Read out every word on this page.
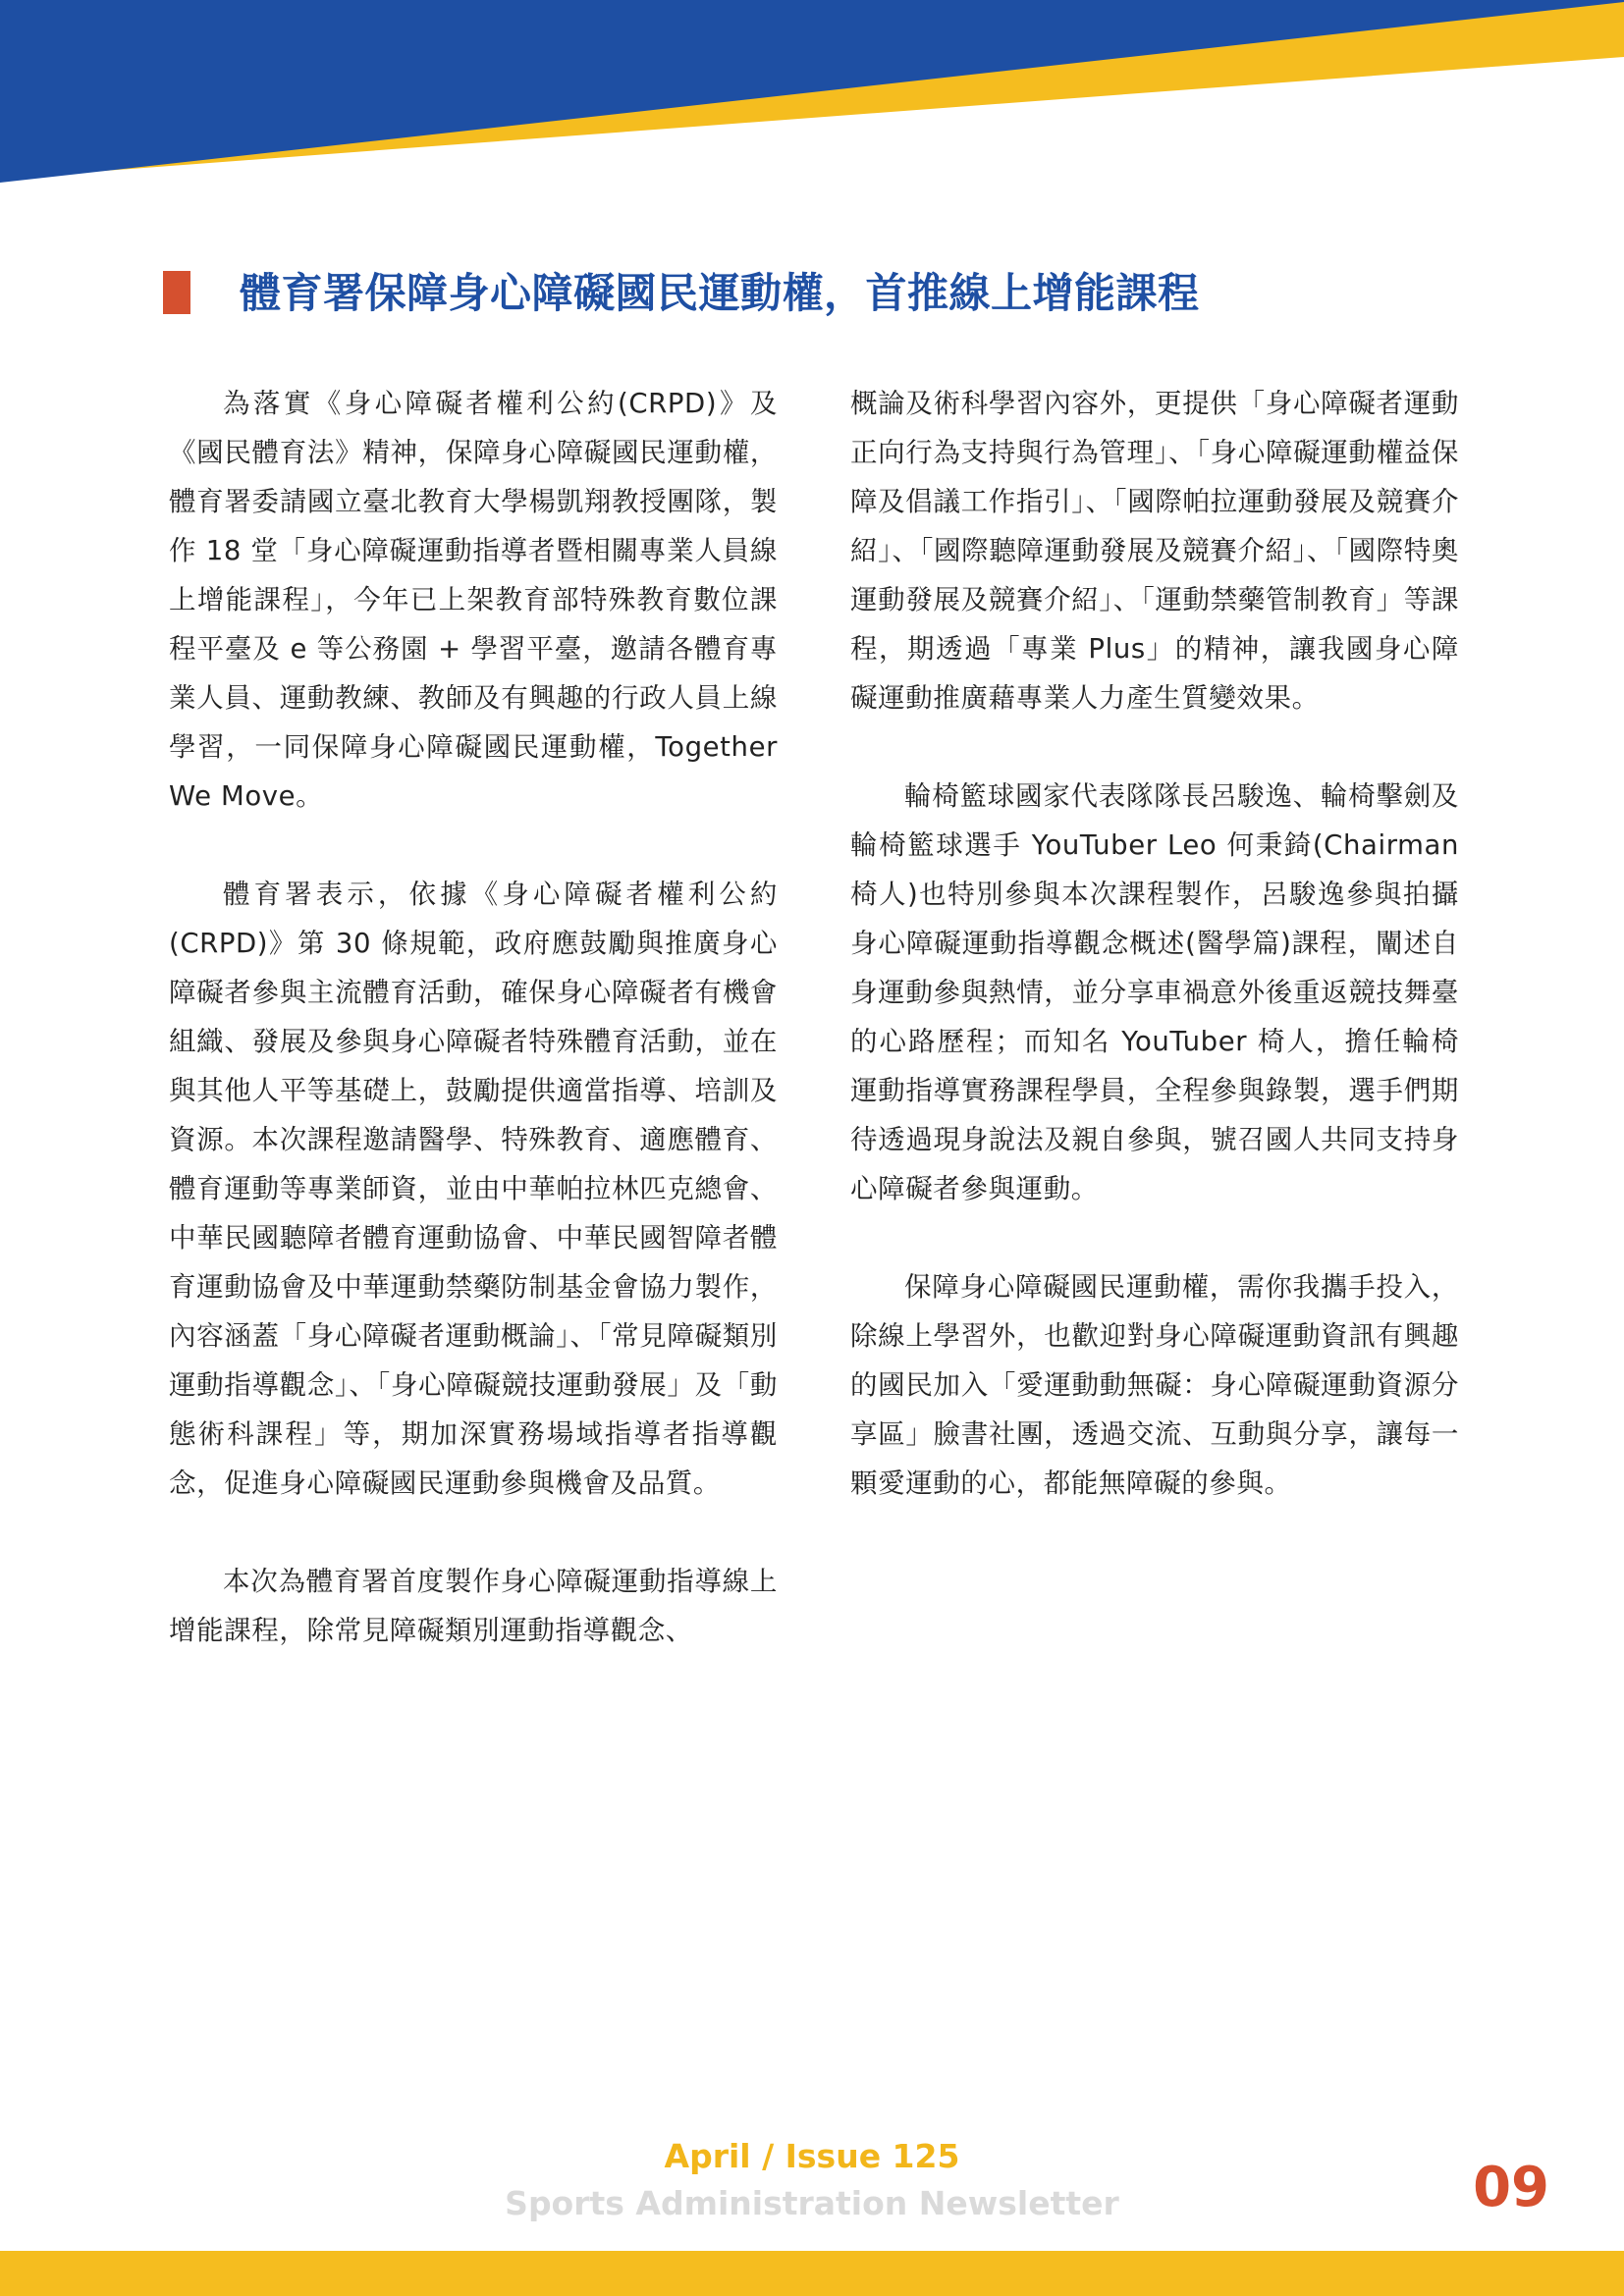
體育署保障身心障礙國民運動權，首推線上增能課程

為落實《身心障礙者權利公約(CRPD)》及《國民體育法》精神，保障身心障礙國民運動權，體育署委請國立臺北教育大學楊凱翔教授團隊，製作 18 堂「身心障礙運動指導者暨相關專業人員線上增能課程」，今年已上架教育部特殊教育數位課程平臺及 e 等公務園 + 學習平臺，邀請各體育專業人員、運動教練、教師及有興趣的行政人員上線學習，一同保障身心障礙國民運動權，Together We Move。

體育署表示，依據《身心障礙者權利公約(CRPD)》第 30 條規範，政府應鼓勵與推廣身心障礙者參與主流體育活動，確保身心障礙者有機會組織、發展及參與身心障礙者特殊體育活動，並在與其他人平等基礎上，鼓勵提供適當指導、培訓及資源。本次課程邀請醫學、特殊教育、適應體育、體育運動等專業師資，並由中華帕拉林匹克總會、中華民國聽障者體育運動協會、中華民國智障者體育運動協會及中華運動禁藥防制基金會協力製作，內容涵蓋「身心障礙者運動概論」、「常見障礙類別運動指導觀念」、「身心障礙競技運動發展」及「動態術科課程」等，期加深實務場域指導者指導觀念，促進身心障礙國民運動參與機會及品質。

本次為體育署首度製作身心障礙運動指導線上增能課程，除常見障礙類別運動指導觀念、

概論及術科學習內容外，更提供「身心障礙者運動正向行為支持與行為管理」、「身心障礙運動權益保障及倡議工作指引」、「國際帕拉運動發展及競賽介紹」、「國際聽障運動發展及競賽介紹」、「國際特奧運動發展及競賽介紹」、「運動禁藥管制教育」等課程，期透過「專業 Plus」的精神，讓我國身心障礙運動推廣藉專業人力產生質變效果。

輪椅籃球國家代表隊隊長呂駿逸、輪椅擊劍及輪椅籃球選手 YouTuber Leo 何秉錡(Chairman 椅人)也特別參與本次課程製作，呂駿逸參與拍攝身心障礙運動指導觀念概述(醫學篇)課程，闡述自身運動參與熱情，並分享車禍意外後重返競技舞臺的心路歷程；而知名 YouTuber 椅人，擔任輪椅運動指導實務課程學員，全程參與錄製，選手們期待透過現身說法及親自參與，號召國人共同支持身心障礙者參與運動。

保障身心障礙國民運動權，需你我攜手投入，除線上學習外，也歡迎對身心障礙運動資訊有興趣的國民加入「愛運動動無礙：身心障礙運動資源分享區」臉書社團，透過交流、互動與分享，讓每一顆愛運動的心，都能無障礙的參與。

April / Issue 125
Sports Administration Newsletter	09
